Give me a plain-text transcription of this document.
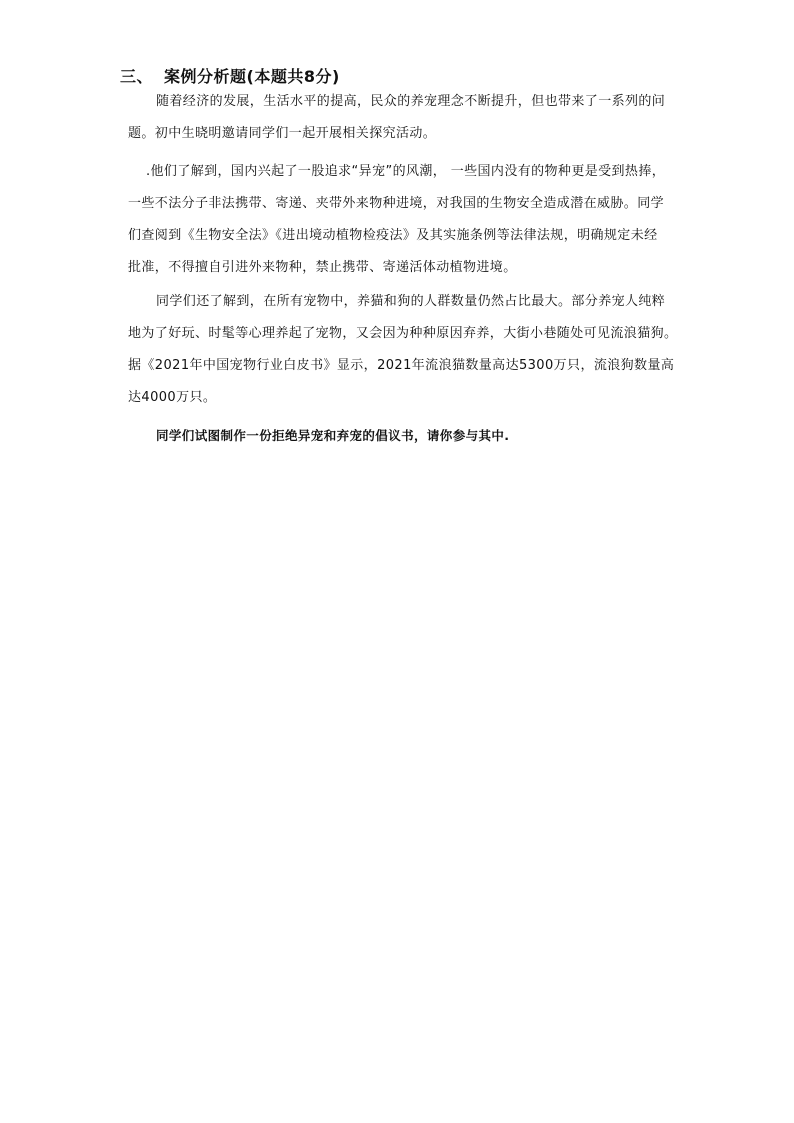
三、 案例分析题(本题共8分)

随着经济的发展，生活水平的提高，民众的养宠理念不断提升，但也带来了一系列的问
题。初中生晓明邀请同学们一起开展相关探究活动。

.他们了解到，国内兴起了一股追求“异宠”的风潮， 一些国内没有的物种更是受到热捧，
一些不法分子非法携带、寄递、夹带外来物种进境，对我国的生物安全造成潜在威胁。同学
们查阅到《生物安全法》《进出境动植物检疫法》及其实施条例等法律法规，明确规定未经
批准，不得擅自引进外来物种，禁止携带、寄递活体动植物进境。

同学们还了解到，在所有宠物中，养猫和狗的人群数量仍然占比最大。部分养宠人纯粹
地为了好玩、时髦等心理养起了宠物，又会因为种种原因弃养，大街小巷随处可见流浪猫狗。
据《2021年中国宠物行业白皮书》显示，2021年流浪猫数量高达5300万只，流浪狗数量高
达4000万只。

同学们试图制作一份拒绝异宠和弃宠的倡议书，请你参与其中.
